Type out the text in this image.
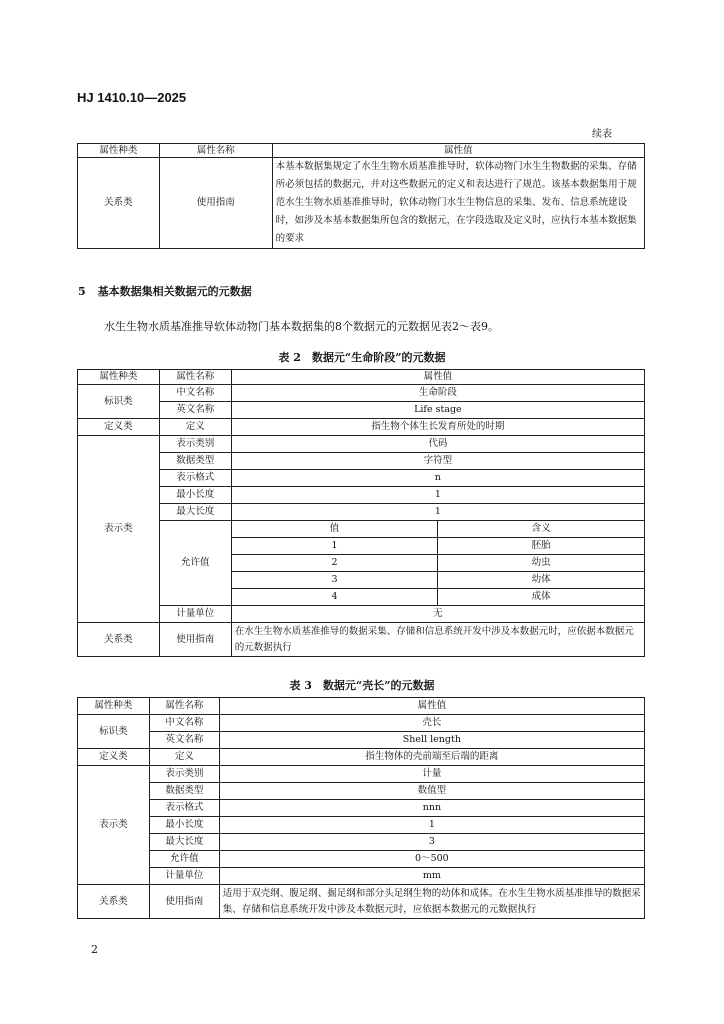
HJ 1410.10—2025
续表
属性种类	属性名称	属性值
关系类	使用指南	本基本数据集规定了水生生物水质基准推导时，软体动物门水生生物数据的采集、存储所必须包括的数据元，并对这些数据元的定义和表达进行了规范。该基本数据集用于规范水生生物水质基准推导时，软体动物门水生生物信息的采集、发布、信息系统建设时，如涉及本基本数据集所包含的数据元，在字段选取及定义时，应执行本基本数据集的要求
5 基本数据集相关数据元的元数据
水生生物水质基准推导软体动物门基本数据集的8个数据元的元数据见表2～表9。
表 2　数据元“生命阶段”的元数据
属性种类	属性名称	属性值	
标识类	中文名称	生命阶段	
	英文名称	Life stage	
定义类	定义	指生物个体生长发育所处的时期	
表示类	表示类别	代码	
	数据类型	字符型	
	表示格式	n	
	最小长度	1	
	最大长度	1	
	允许值	值	含义
		1	胚胎
		2	幼虫
		3	幼体
		4	成体
	计量单位	无	
关系类	使用指南	在水生生物水质基准推导的数据采集、存储和信息系统开发中涉及本数据元时，应依据本数据元的元数据执行	
表 3　数据元“壳长”的元数据
属性种类	属性名称	属性值
标识类	中文名称	壳长
	英文名称	Shell length
定义类	定义	指生物体的壳前端至后端的距离
表示类	表示类别	计量
	数据类型	数值型
	表示格式	nnn
	最小长度	1
	最大长度	3
	允许值	0～500
	计量单位	mm
关系类	使用指南	适用于双壳纲、腹足纲、掘足纲和部分头足纲生物的幼体和成体。在水生生物水质基准推导的数据采集、存储和信息系统开发中涉及本数据元时，应依据本数据元的元数据执行
2
